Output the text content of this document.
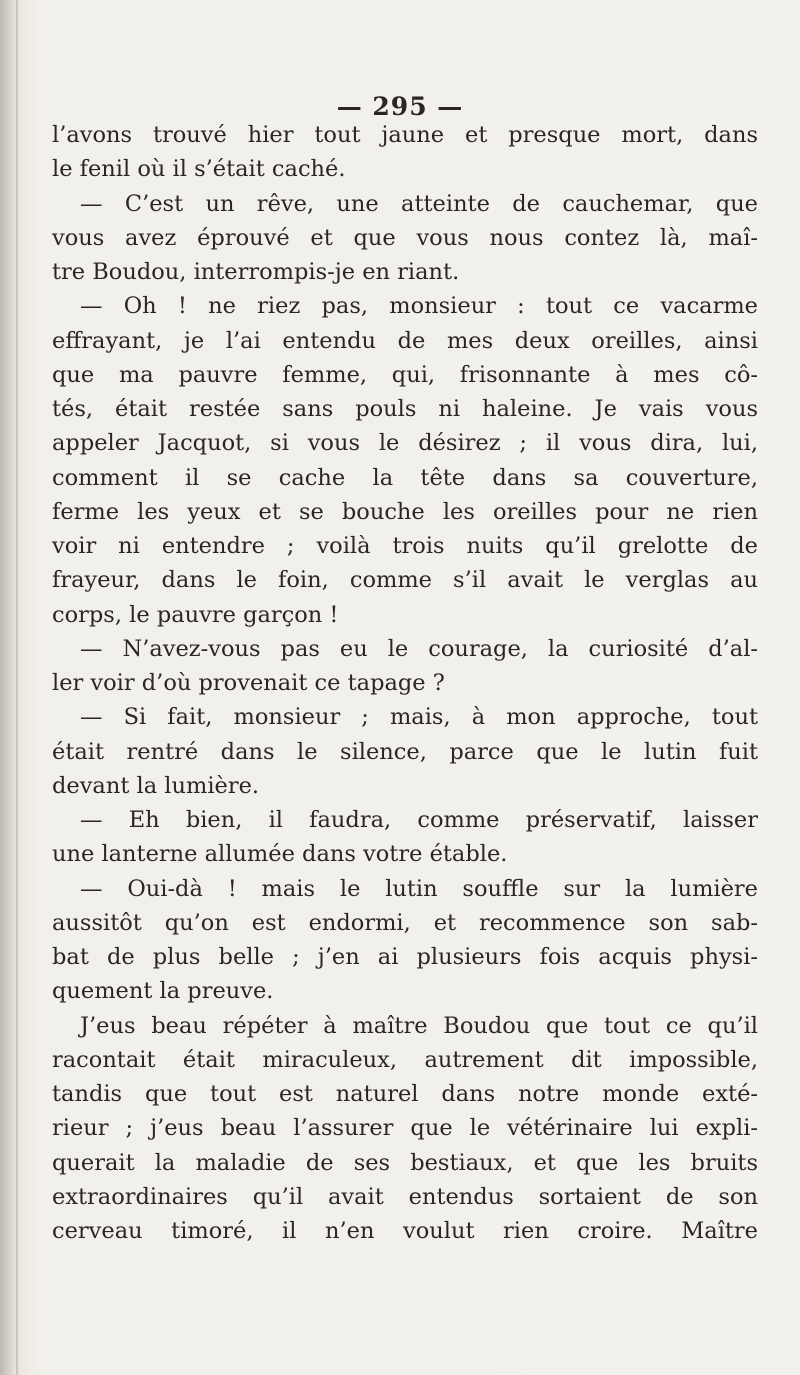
— 295 —
l’avons trouvé hier tout jaune et presque mort, dans
le fenil où il s’était caché.
— C’est un rêve, une atteinte de cauchemar, que
vous avez éprouvé et que vous nous contez là, maî-
tre Boudou, interrompis-je en riant.
— Oh ! ne riez pas, monsieur : tout ce vacarme
effrayant, je l’ai entendu de mes deux oreilles, ainsi
que ma pauvre femme, qui, frisonnante à mes cô-
tés, était restée sans pouls ni haleine. Je vais vous
appeler Jacquot, si vous le désirez ; il vous dira, lui,
comment il se cache la tête dans sa couverture,
ferme les yeux et se bouche les oreilles pour ne rien
voir ni entendre ; voilà trois nuits qu’il grelotte de
frayeur, dans le foin, comme s’il avait le verglas au
corps, le pauvre garçon !
— N’avez-vous pas eu le courage, la curiosité d’al-
ler voir d’où provenait ce tapage ?
— Si fait, monsieur ; mais, à mon approche, tout
était rentré dans le silence, parce que le lutin fuit
devant la lumière.
— Eh bien, il faudra, comme préservatif, laisser
une lanterne allumée dans votre étable.
— Oui-dà ! mais le lutin souffle sur la lumière
aussitôt qu’on est endormi, et recommence son sab-
bat de plus belle ; j’en ai plusieurs fois acquis physi-
quement la preuve.
J’eus beau répéter à maître Boudou que tout ce qu’il
racontait était miraculeux, autrement dit impossible,
tandis que tout est naturel dans notre monde exté-
rieur ; j’eus beau l’assurer que le vétérinaire lui expli-
querait la maladie de ses bestiaux, et que les bruits
extraordinaires qu’il avait entendus sortaient de son
cerveau timoré, il n’en voulut rien croire. Maître
